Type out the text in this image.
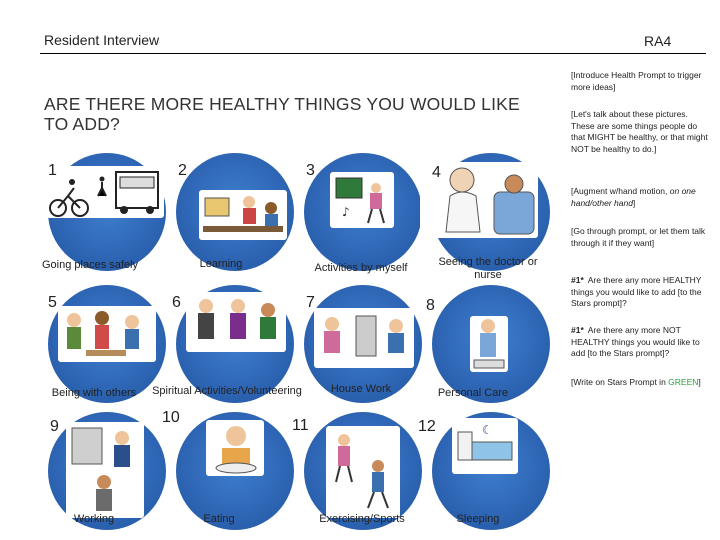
Resident Interview	RA4
ARE THERE MORE HEALTHY THINGS YOU WOULD LIKE TO ADD?
1
Going places safely
2
Learning
♪
3
Activities by myself
4
Seeing the doctor or nurse
5
Being with others
6
Spiritual Activities/Volunteering
7
House Work
8
Personal Care
9
Working
10
Eating
11
Exercising/Sports
☾
12
Sleeping
[Introduce Health Prompt to trigger more ideas]
[Let's talk about these pictures. These are some things people do that MIGHT be healthy, or that might NOT be healthy to do.]
[Augment w/hand motion, on one hand/other hand]
[Go through prompt, or let them talk through it if they want]
#1* Are there any more HEALTHY things you would like to add [to the Stars prompt]?
#1* Are there any more NOT HEALTHY things you would like to add [to the Stars prompt]?
[Write on Stars Prompt in GREEN]
